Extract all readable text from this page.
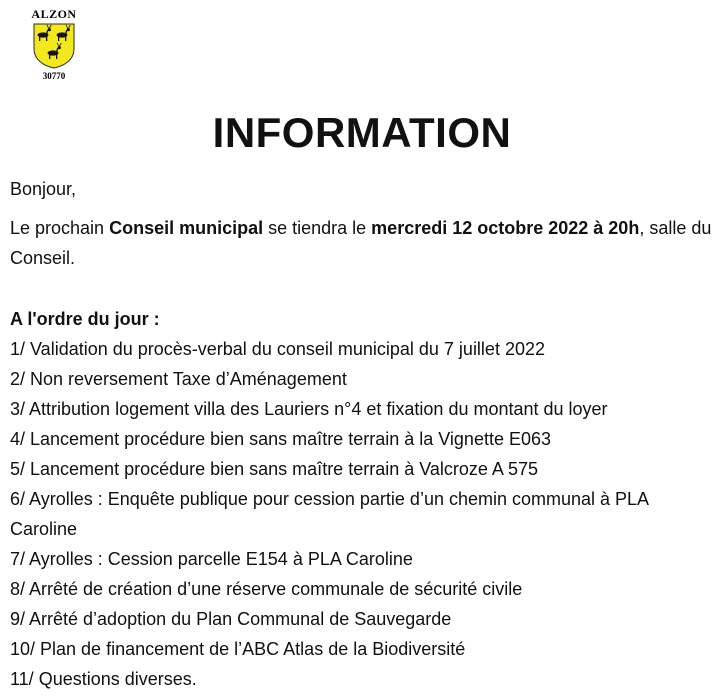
ALZON
30770
INFORMATION

Bonjour,

Le prochain Conseil municipal se tiendra le mercredi 12 octobre 2022 à 20h, salle du Conseil.

A l'ordre du jour :

1/ Validation du procès-verbal du conseil municipal du 7 juillet 2022
2/ Non reversement Taxe d’Aménagement
3/ Attribution logement villa des Lauriers n°4 et fixation du montant du loyer
4/ Lancement procédure bien sans maître terrain à la Vignette E063
5/ Lancement procédure bien sans maître terrain à Valcroze A 575
6/ Ayrolles : Enquête publique pour cession partie d’un chemin communal à PLA Caroline
7/ Ayrolles : Cession parcelle E154 à PLA Caroline
8/ Arrêté de création d’une réserve communale de sécurité civile
9/ Arrêté d’adoption du Plan Communal de Sauvegarde
10/ Plan de financement de l’ABC Atlas de la Biodiversité
11/ Questions diverses.
